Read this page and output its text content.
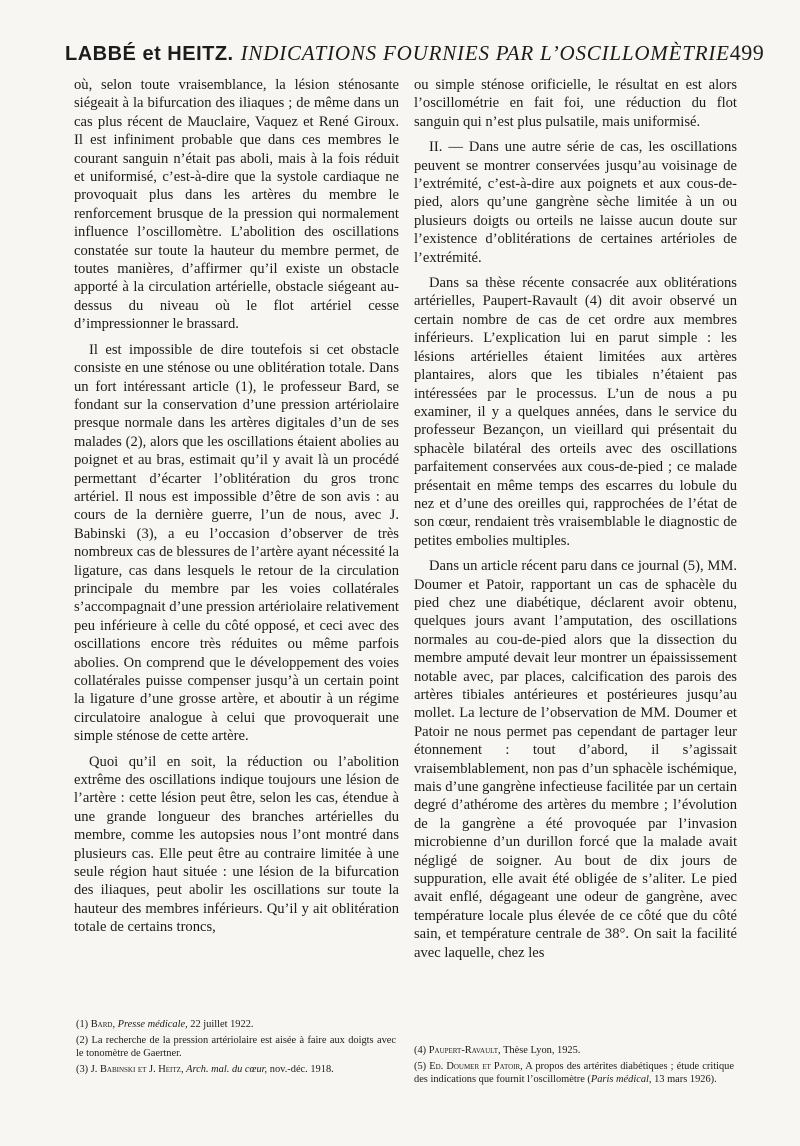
LABBÉ et HEITZ. INDICATIONS FOURNIES PAR L’OSCILLOMÈTRIE 499

où, selon toute vraisemblance, la lésion sténosante siégeait à la bifurcation des iliaques ; de même dans un cas plus récent de Mauclaire, Vaquez et René Giroux. Il est infiniment probable que dans ces membres le courant sanguin n’était pas aboli, mais à la fois réduit et uniformisé, c’est-à-dire que la systole cardiaque ne provoquait plus dans les artères du membre le renforcement brusque de la pression qui normalement influence l’oscillomètre. L’abolition des oscillations constatée sur toute la hauteur du membre permet, de toutes manières, d’affirmer qu’il existe un obstacle apporté à la circulation artérielle, obstacle siégeant au-dessus du niveau où le flot artériel cesse d’impressionner le brassard.

Il est impossible de dire toutefois si cet obstacle consiste en une sténose ou une oblitération totale. Dans un fort intéressant article (1), le professeur Bard, se fondant sur la conservation d’une pression artériolaire presque normale dans les artères digitales d’un de ses malades (2), alors que les oscillations étaient abolies au poignet et au bras, estimait qu’il y avait là un procédé permettant d’écarter l’oblitération du gros tronc artériel. Il nous est impossible d’être de son avis : au cours de la dernière guerre, l’un de nous, avec J. Babinski (3), a eu l’occasion d’observer de très nombreux cas de blessures de l’artère ayant nécessité la ligature, cas dans lesquels le retour de la circulation principale du membre par les voies collatérales s’accompagnait d’une pression artériolaire relativement peu inférieure à celle du côté opposé, et ceci avec des oscillations encore très réduites ou même parfois abolies. On comprend que le développement des voies collatérales puisse compenser jusqu’à un certain point la ligature d’une grosse artère, et aboutir à un régime circulatoire analogue à celui que provoquerait une simple sténose de cette artère.

Quoi qu’il en soit, la réduction ou l’abolition extrême des oscillations indique toujours une lésion de l’artère : cette lésion peut être, selon les cas, étendue à une grande longueur des branches artérielles du membre, comme les autopsies nous l’ont montré dans plusieurs cas. Elle peut être au contraire limitée à une seule région haut située : une lésion de la bifurcation des iliaques, peut abolir les oscillations sur toute la hauteur des membres inférieurs. Qu’il y ait oblitération totale de certains troncs,

ou simple sténose orificielle, le résultat en est alors l’oscillométrie en fait foi, une réduction du flot sanguin qui n’est plus pulsatile, mais uniformisé.

II. — Dans une autre série de cas, les oscillations peuvent se montrer conservées jusqu’au voisinage de l’extrémité, c’est-à-dire aux poignets et aux cous-de-pied, alors qu’une gangrène sèche limitée à un ou plusieurs doigts ou orteils ne laisse aucun doute sur l’existence d’oblitérations de certaines artérioles de l’extrémité.

Dans sa thèse récente consacrée aux oblitérations artérielles, Paupert-Ravault (4) dit avoir observé un certain nombre de cas de cet ordre aux membres inférieurs. L’explication lui en parut simple : les lésions artérielles étaient limitées aux artères plantaires, alors que les tibiales n’étaient pas intéressées par le processus. L’un de nous a pu examiner, il y a quelques années, dans le service du professeur Bezançon, un vieillard qui présentait du sphacèle bilatéral des orteils avec des oscillations parfaitement conservées aux cous-de-pied ; ce malade présentait en même temps des escarres du lobule du nez et d’une des oreilles qui, rapprochées de l’état de son cœur, rendaient très vraisemblable le diagnostic de petites embolies multiples.

Dans un article récent paru dans ce journal (5), MM. Doumer et Patoir, rapportant un cas de sphacèle du pied chez une diabétique, déclarent avoir obtenu, quelques jours avant l’amputation, des oscillations normales au cou-de-pied alors que la dissection du membre amputé devait leur montrer un épaississement notable avec, par places, calcification des parois des artères tibiales antérieures et postérieures jusqu’au mollet. La lecture de l’observation de MM. Doumer et Patoir ne nous permet pas cependant de partager leur étonnement : tout d’abord, il s’agissait vraisemblablement, non pas d’un sphacèle ischémique, mais d’une gangrène infectieuse facilitée par un certain degré d’athérome des artères du membre ; l’évolution de la gangrène a été provoquée par l’invasion microbienne d’un durillon forcé que la malade avait négligé de soigner. Au bout de dix jours de suppuration, elle avait été obligée de s’aliter. Le pied avait enflé, dégageant une odeur de gangrène, avec température locale plus élevée de ce côté que du côté sain, et température centrale de 38°. On sait la facilité avec laquelle, chez les

(1) Bard, Presse médicale, 22 juillet 1922.
(2) La recherche de la pression artériolaire est aisée à faire aux doigts avec le tonomètre de Gaertner.
(3) J. Babinski et J. Heitz, Arch. mal. du cœur, nov.-déc. 1918.
(4) Paupert-Ravault, Thèse Lyon, 1925.
(5) Ed. Doumer et Patoir, A propos des artérites diabétiques ; étude critique des indications que fournit l’oscillomètre (Paris médical, 13 mars 1926).
